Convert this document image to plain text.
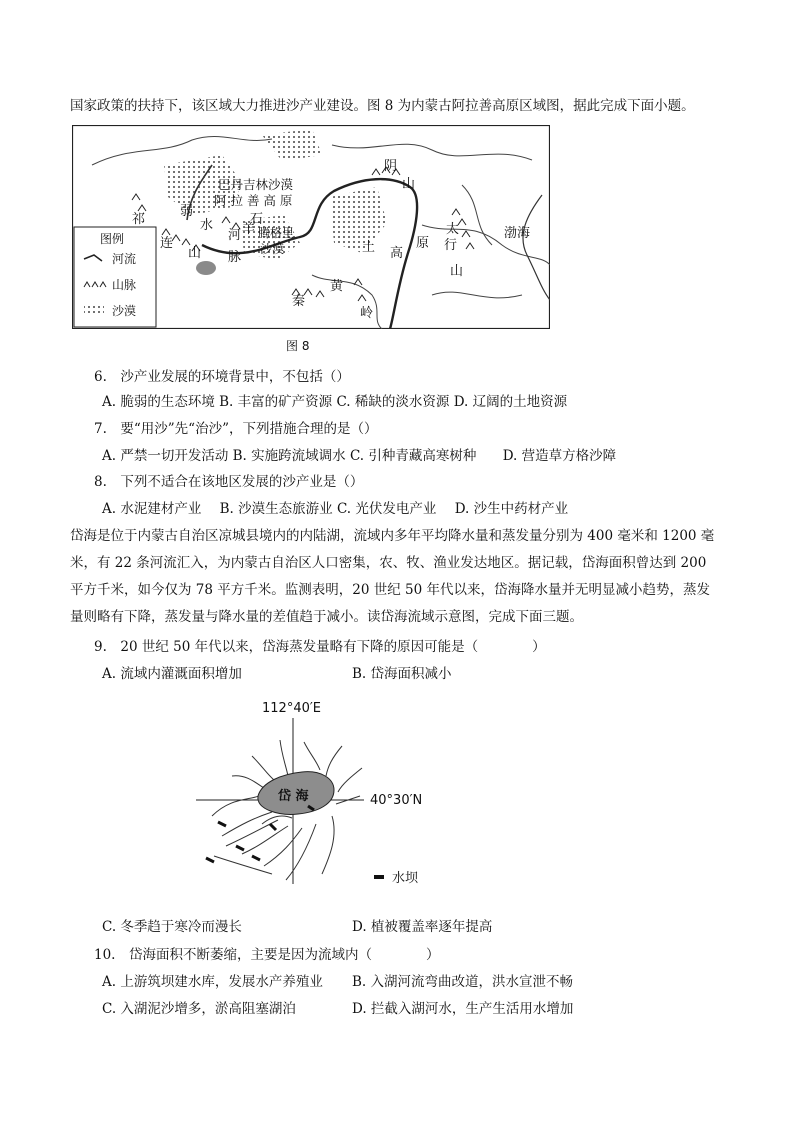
国家政策的扶持下，该区域大力推进沙产业建设。图 8 为内蒙古阿拉善高原区域图，据此完成下面小题。
阴
山
巴丹吉林沙漠
阿 拉 善 高 原
弱
水
祁
连
山
河
石
羊 腾格里
沙漠
脉
秦
黄
土 高
原
岭
太
行
山
渤海
图例
河流
山脉
沙漠
图 8
6.　沙产业发展的环境背景中，不包括（）
A. 脆弱的生态环境 B. 丰富的矿产资源 C. 稀缺的淡水资源 D. 辽阔的土地资源
7.　要“用沙”先“治沙”，下列措施合理的是（）
A. 严禁一切开发活动 B. 实施跨流域调水 C. 引种青藏高寒树种 D. 营造草方格沙障
8.　下列不适合在该地区发展的沙产业是（）
A. 水泥建材产业 B. 沙漠生态旅游业 C. 光伏发电产业 D. 沙生中药材产业
岱海是位于内蒙古自治区凉城县境内的内陆湖，流域内多年平均降水量和蒸发量分别为 400 毫米和 1200 毫
米，有 22 条河流汇入，为内蒙古自治区人口密集，农、牧、渔业发达地区。据记载，岱海面积曾达到 200
平方千米，如今仅为 78 平方千米。监测表明，20 世纪 50 年代以来，岱海降水量并无明显减小趋势，蒸发
量则略有下降，蒸发量与降水量的差值趋于减小。读岱海流域示意图，完成下面三题。
9.　20 世纪 50 年代以来，岱海蒸发量略有下降的原因可能是（　　　　）
A. 流域内灌溉面积增加	B. 岱海面积减小
112°40′E
40°30′N
岱 海
水坝
C. 冬季趋于寒冷而漫长	D. 植被覆盖率逐年提高
10.　岱海面积不断萎缩，主要是因为流域内（　　　　）
A. 上游筑坝建水库，发展水产养殖业 B. 入湖河流弯曲改道，洪水宣泄不畅
C. 入湖泥沙增多，淤高阻塞湖泊	D. 拦截入湖河水，生产生活用水增加
